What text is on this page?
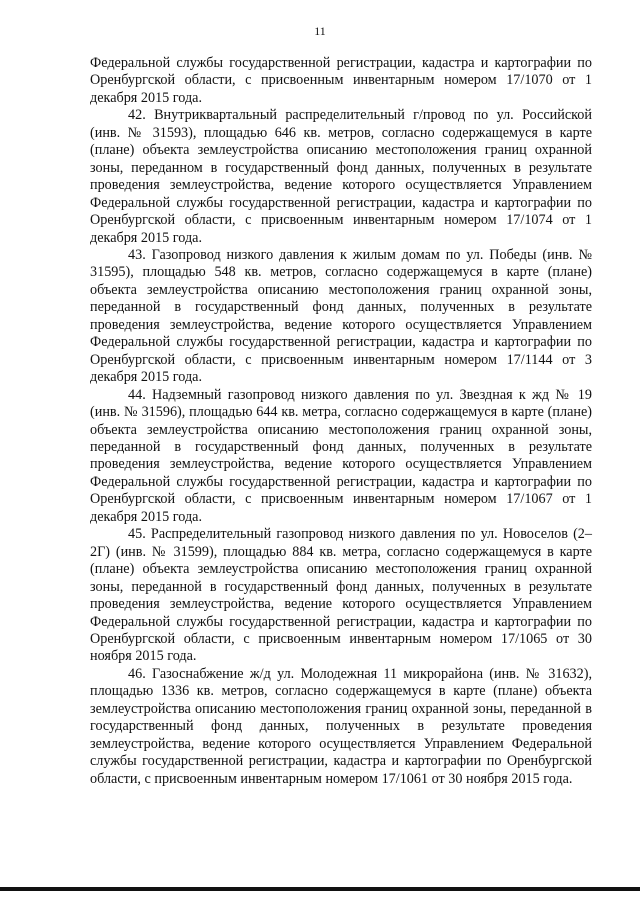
11

Федеральной службы государственной регистрации, кадастра и картографии по Оренбургской области, с присвоенным инвентарным номером 17/1070 от 1 декабря 2015 года.

42. Внутриквартальный распределительный г/провод по ул. Российской (инв. № 31593), площадью 646 кв. метров, согласно содержащемуся в карте (плане) объекта землеустройства описанию местоположения границ охранной зоны, переданном в государственный фонд данных, полученных в результате проведения землеустройства, ведение которого осуществляется Управлением Федеральной службы государственной регистрации, кадастра и картографии по Оренбургской области, с присвоенным инвентарным номером 17/1074 от 1 декабря 2015 года.

43. Газопровод низкого давления к жилым домам по ул. Победы (инв. № 31595), площадью 548 кв. метров, согласно содержащемуся в карте (плане) объекта землеустройства описанию местоположения границ охранной зоны, переданной в государственный фонд данных, полученных в результате проведения землеустройства, ведение которого осуществляется Управлением Федеральной службы государственной регистрации, кадастра и картографии по Оренбургской области, с присвоенным инвентарным номером 17/1144 от 3 декабря 2015 года.

44. Надземный газопровод низкого давления по ул. Звездная к жд № 19 (инв. № 31596), площадью 644 кв. метра, согласно содержащемуся в карте (плане) объекта землеустройства описанию местоположения границ охранной зоны, переданной в государственный фонд данных, полученных в результате проведения землеустройства, ведение которого осуществляется Управлением Федеральной службы государственной регистрации, кадастра и картографии по Оренбургской области, с присвоенным инвентарным номером 17/1067 от 1 декабря 2015 года.

45. Распределительный газопровод низкого давления по ул. Новоселов (2–2Г) (инв. № 31599), площадью 884 кв. метра, согласно содержащемуся в карте (плане) объекта землеустройства описанию местоположения границ охранной зоны, переданной в государственный фонд данных, полученных в результате проведения землеустройства, ведение которого осуществляется Управлением Федеральной службы государственной регистрации, кадастра и картографии по Оренбургской области, с присвоенным инвентарным номером 17/1065 от 30 ноября 2015 года.

46. Газоснабжение ж/д ул. Молодежная 11 микрорайона (инв. № 31632), площадью 1336 кв. метров, согласно содержащемуся в карте (плане) объекта землеустройства описанию местоположения границ охранной зоны, переданной в государственный фонд данных, полученных в результате проведения землеустройства, ведение которого осуществляется Управлением Федеральной службы государственной регистрации, кадастра и картографии по Оренбургской области, с присвоенным инвентарным номером 17/1061 от 30 ноября 2015 года.
